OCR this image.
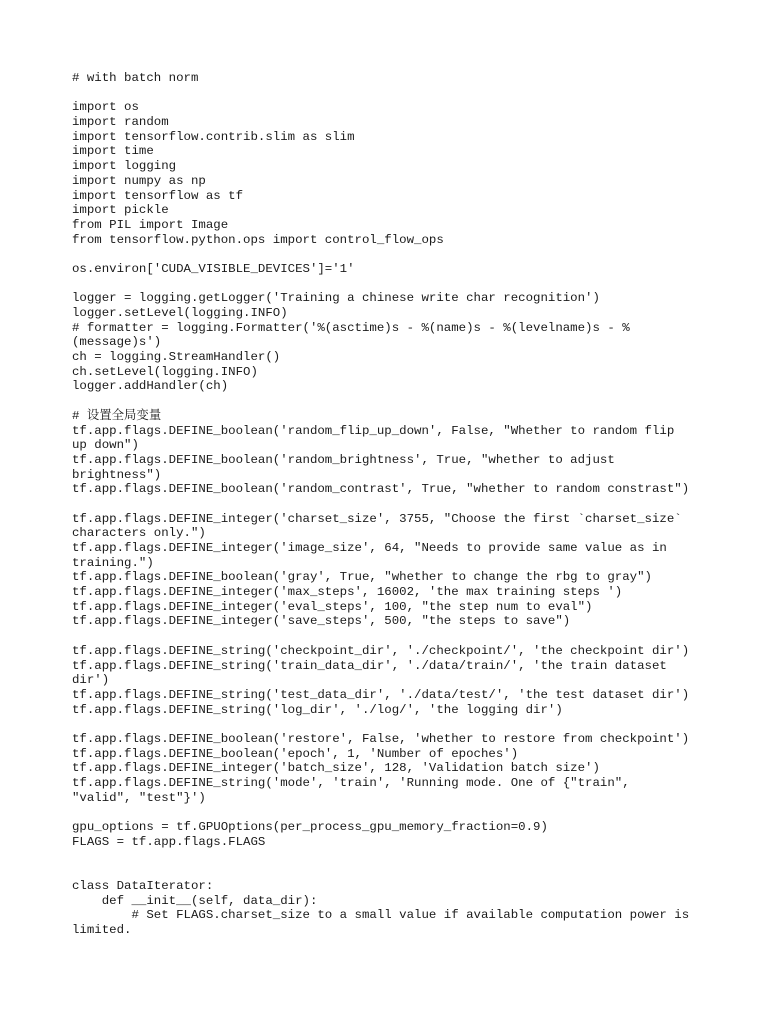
# with batch norm
import os
import random
import tensorflow.contrib.slim as slim
import time
import logging
import numpy as np
import tensorflow as tf
import pickle
from PIL import Image
from tensorflow.python.ops import control_flow_ops
os.environ['CUDA_VISIBLE_DEVICES']='1'
logger = logging.getLogger('Training a chinese write char recognition')
logger.setLevel(logging.INFO)
# formatter = logging.Formatter('%(asctime)s - %(name)s - %(levelname)s - %
(message)s')
ch = logging.StreamHandler()
ch.setLevel(logging.INFO)
logger.addHandler(ch)
# 设置全局变量
tf.app.flags.DEFINE_boolean('random_flip_up_down', False, "Whether to random flip
up down")
tf.app.flags.DEFINE_boolean('random_brightness', True, "whether to adjust
brightness")
tf.app.flags.DEFINE_boolean('random_contrast', True, "whether to random constrast")
tf.app.flags.DEFINE_integer('charset_size', 3755, "Choose the first `charset_size`
characters only.")
tf.app.flags.DEFINE_integer('image_size', 64, "Needs to provide same value as in
training.")
tf.app.flags.DEFINE_boolean('gray', True, "whether to change the rbg to gray")
tf.app.flags.DEFINE_integer('max_steps', 16002, 'the max training steps ')
tf.app.flags.DEFINE_integer('eval_steps', 100, "the step num to eval")
tf.app.flags.DEFINE_integer('save_steps', 500, "the steps to save")
tf.app.flags.DEFINE_string('checkpoint_dir', './checkpoint/', 'the checkpoint dir')
tf.app.flags.DEFINE_string('train_data_dir', './data/train/', 'the train dataset
dir')
tf.app.flags.DEFINE_string('test_data_dir', './data/test/', 'the test dataset dir')
tf.app.flags.DEFINE_string('log_dir', './log/', 'the logging dir')
tf.app.flags.DEFINE_boolean('restore', False, 'whether to restore from checkpoint')
tf.app.flags.DEFINE_boolean('epoch', 1, 'Number of epoches')
tf.app.flags.DEFINE_integer('batch_size', 128, 'Validation batch size')
tf.app.flags.DEFINE_string('mode', 'train', 'Running mode. One of {"train",
"valid", "test"}')
gpu_options = tf.GPUOptions(per_process_gpu_memory_fraction=0.9)
FLAGS = tf.app.flags.FLAGS
class DataIterator:
def __init__(self, data_dir):
# Set FLAGS.charset_size to a small value if available computation power is
limited.
